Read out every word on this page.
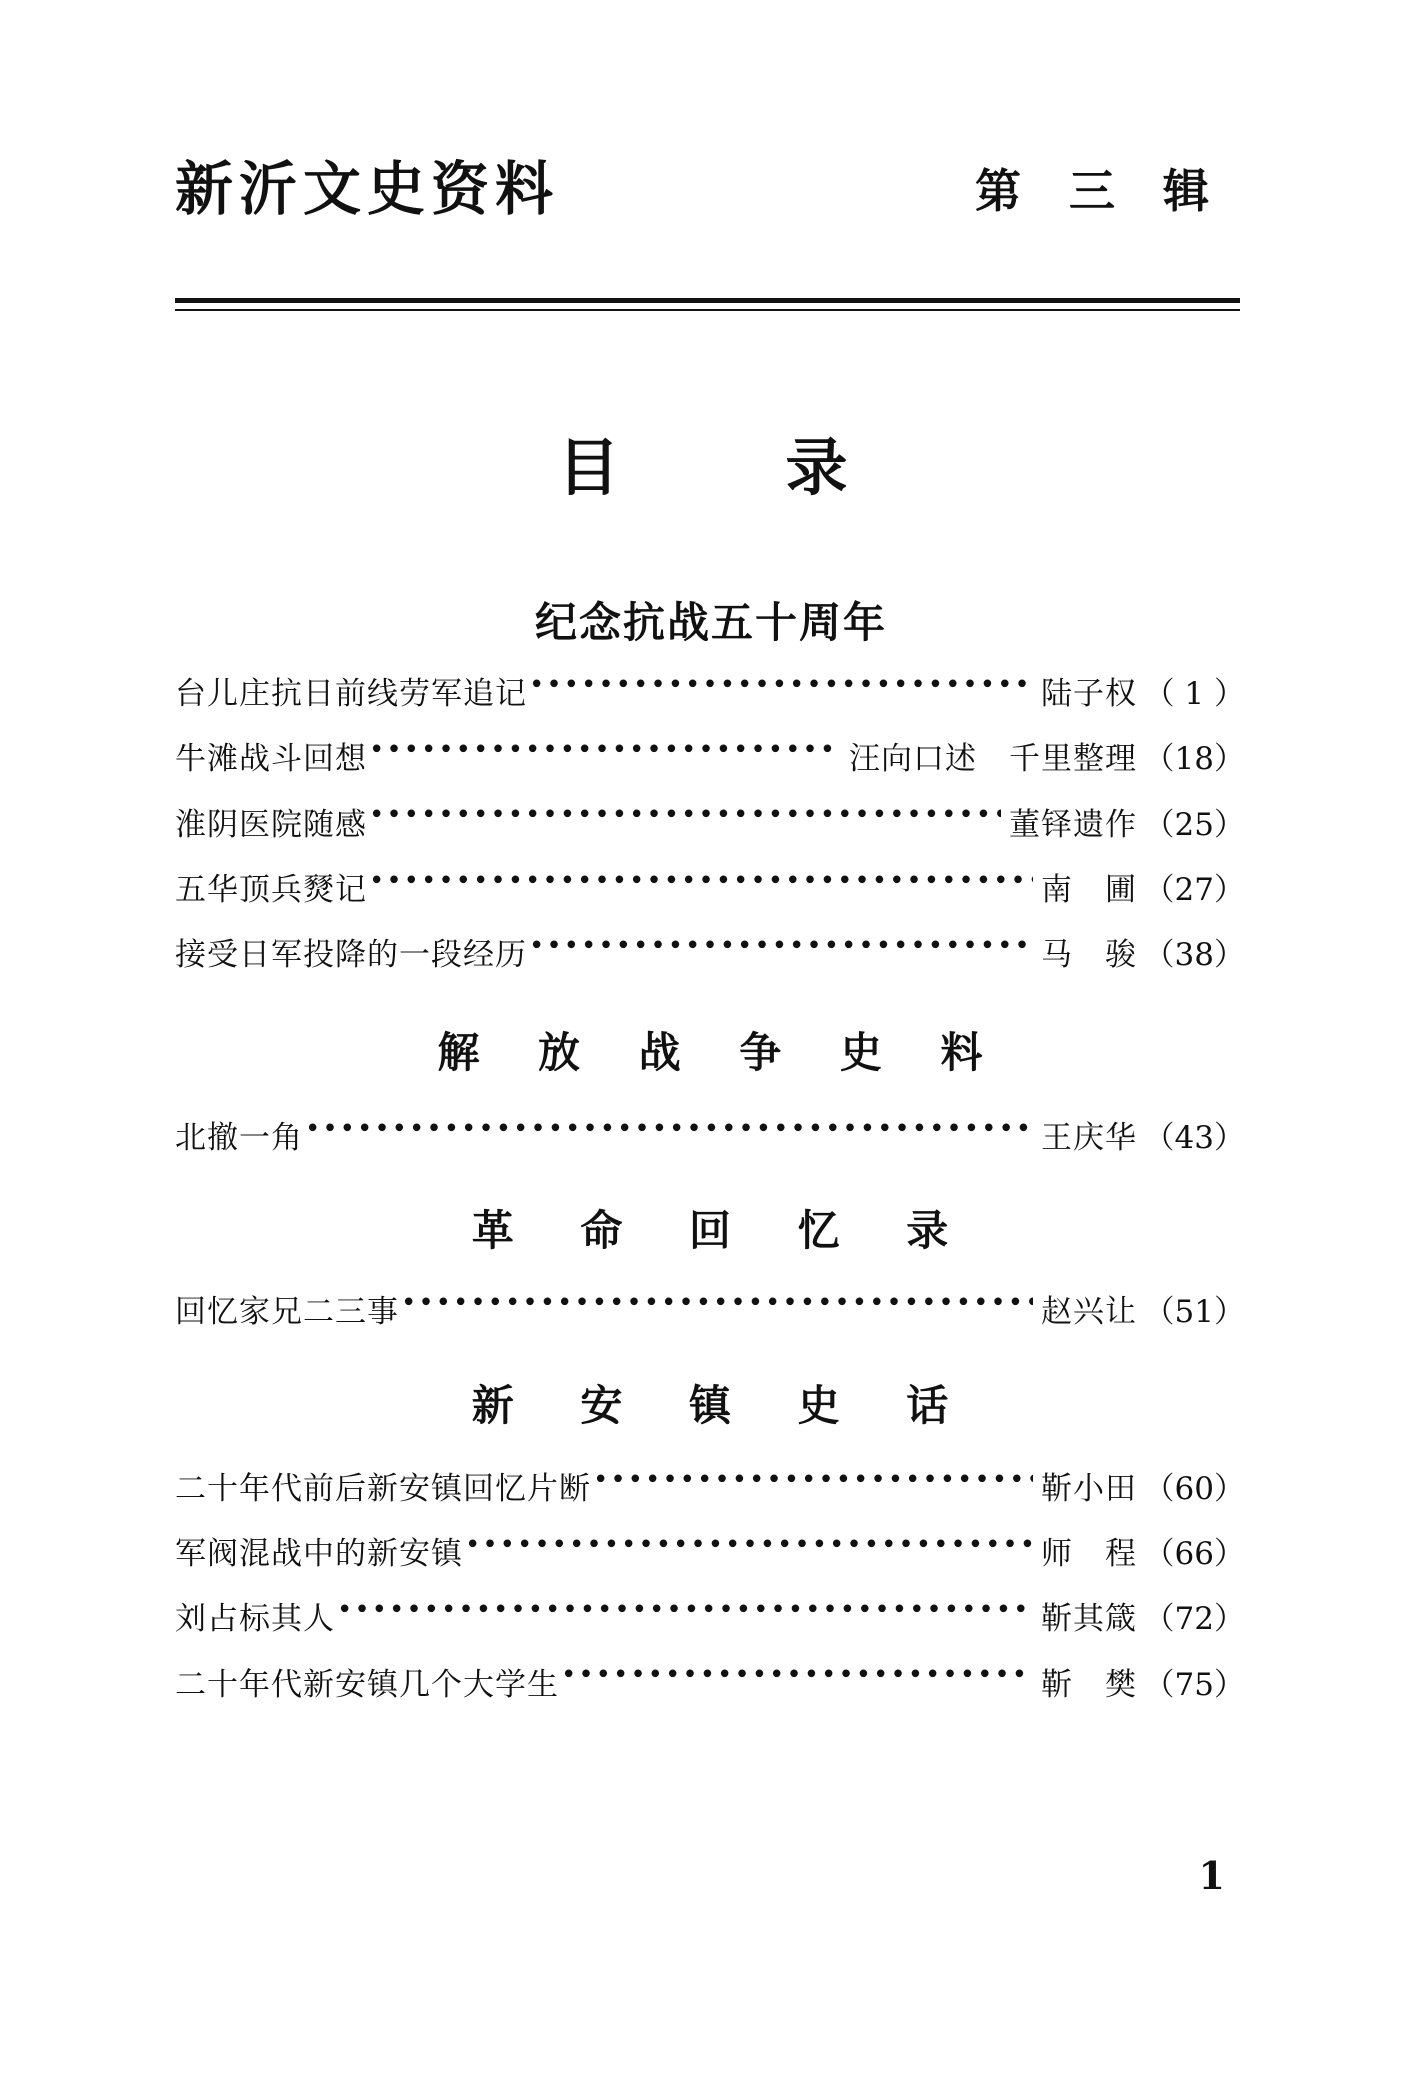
新沂文史资料	第 三 辑
目　录
纪念抗战五十周年
台儿庄抗日前线劳军追记 •••••	陆子权 （ 1 ）
牛滩战斗回想 •••••	汪向口述　千里整理 （18）
淮阴医院随感 •••••	董铎遗作 （25）
五华顶兵燹记 •••••	南　圃 （27）
接受日军投降的一段经历 •••••	马　骏 （38）
解 放 战 争 史 料
北撤一角 •••••	王庆华 （43）
革 命 回 忆 录
回忆家兄二三事 •••••	赵兴让 （51）
新 安 镇 史 话
二十年代前后新安镇回忆片断 •••••	靳小田 （60）
军阀混战中的新安镇 •••••	师　程 （66）
刘占标其人 •••••	靳其箴 （72）
二十年代新安镇几个大学生 •••••	靳　樊 （75）
1
